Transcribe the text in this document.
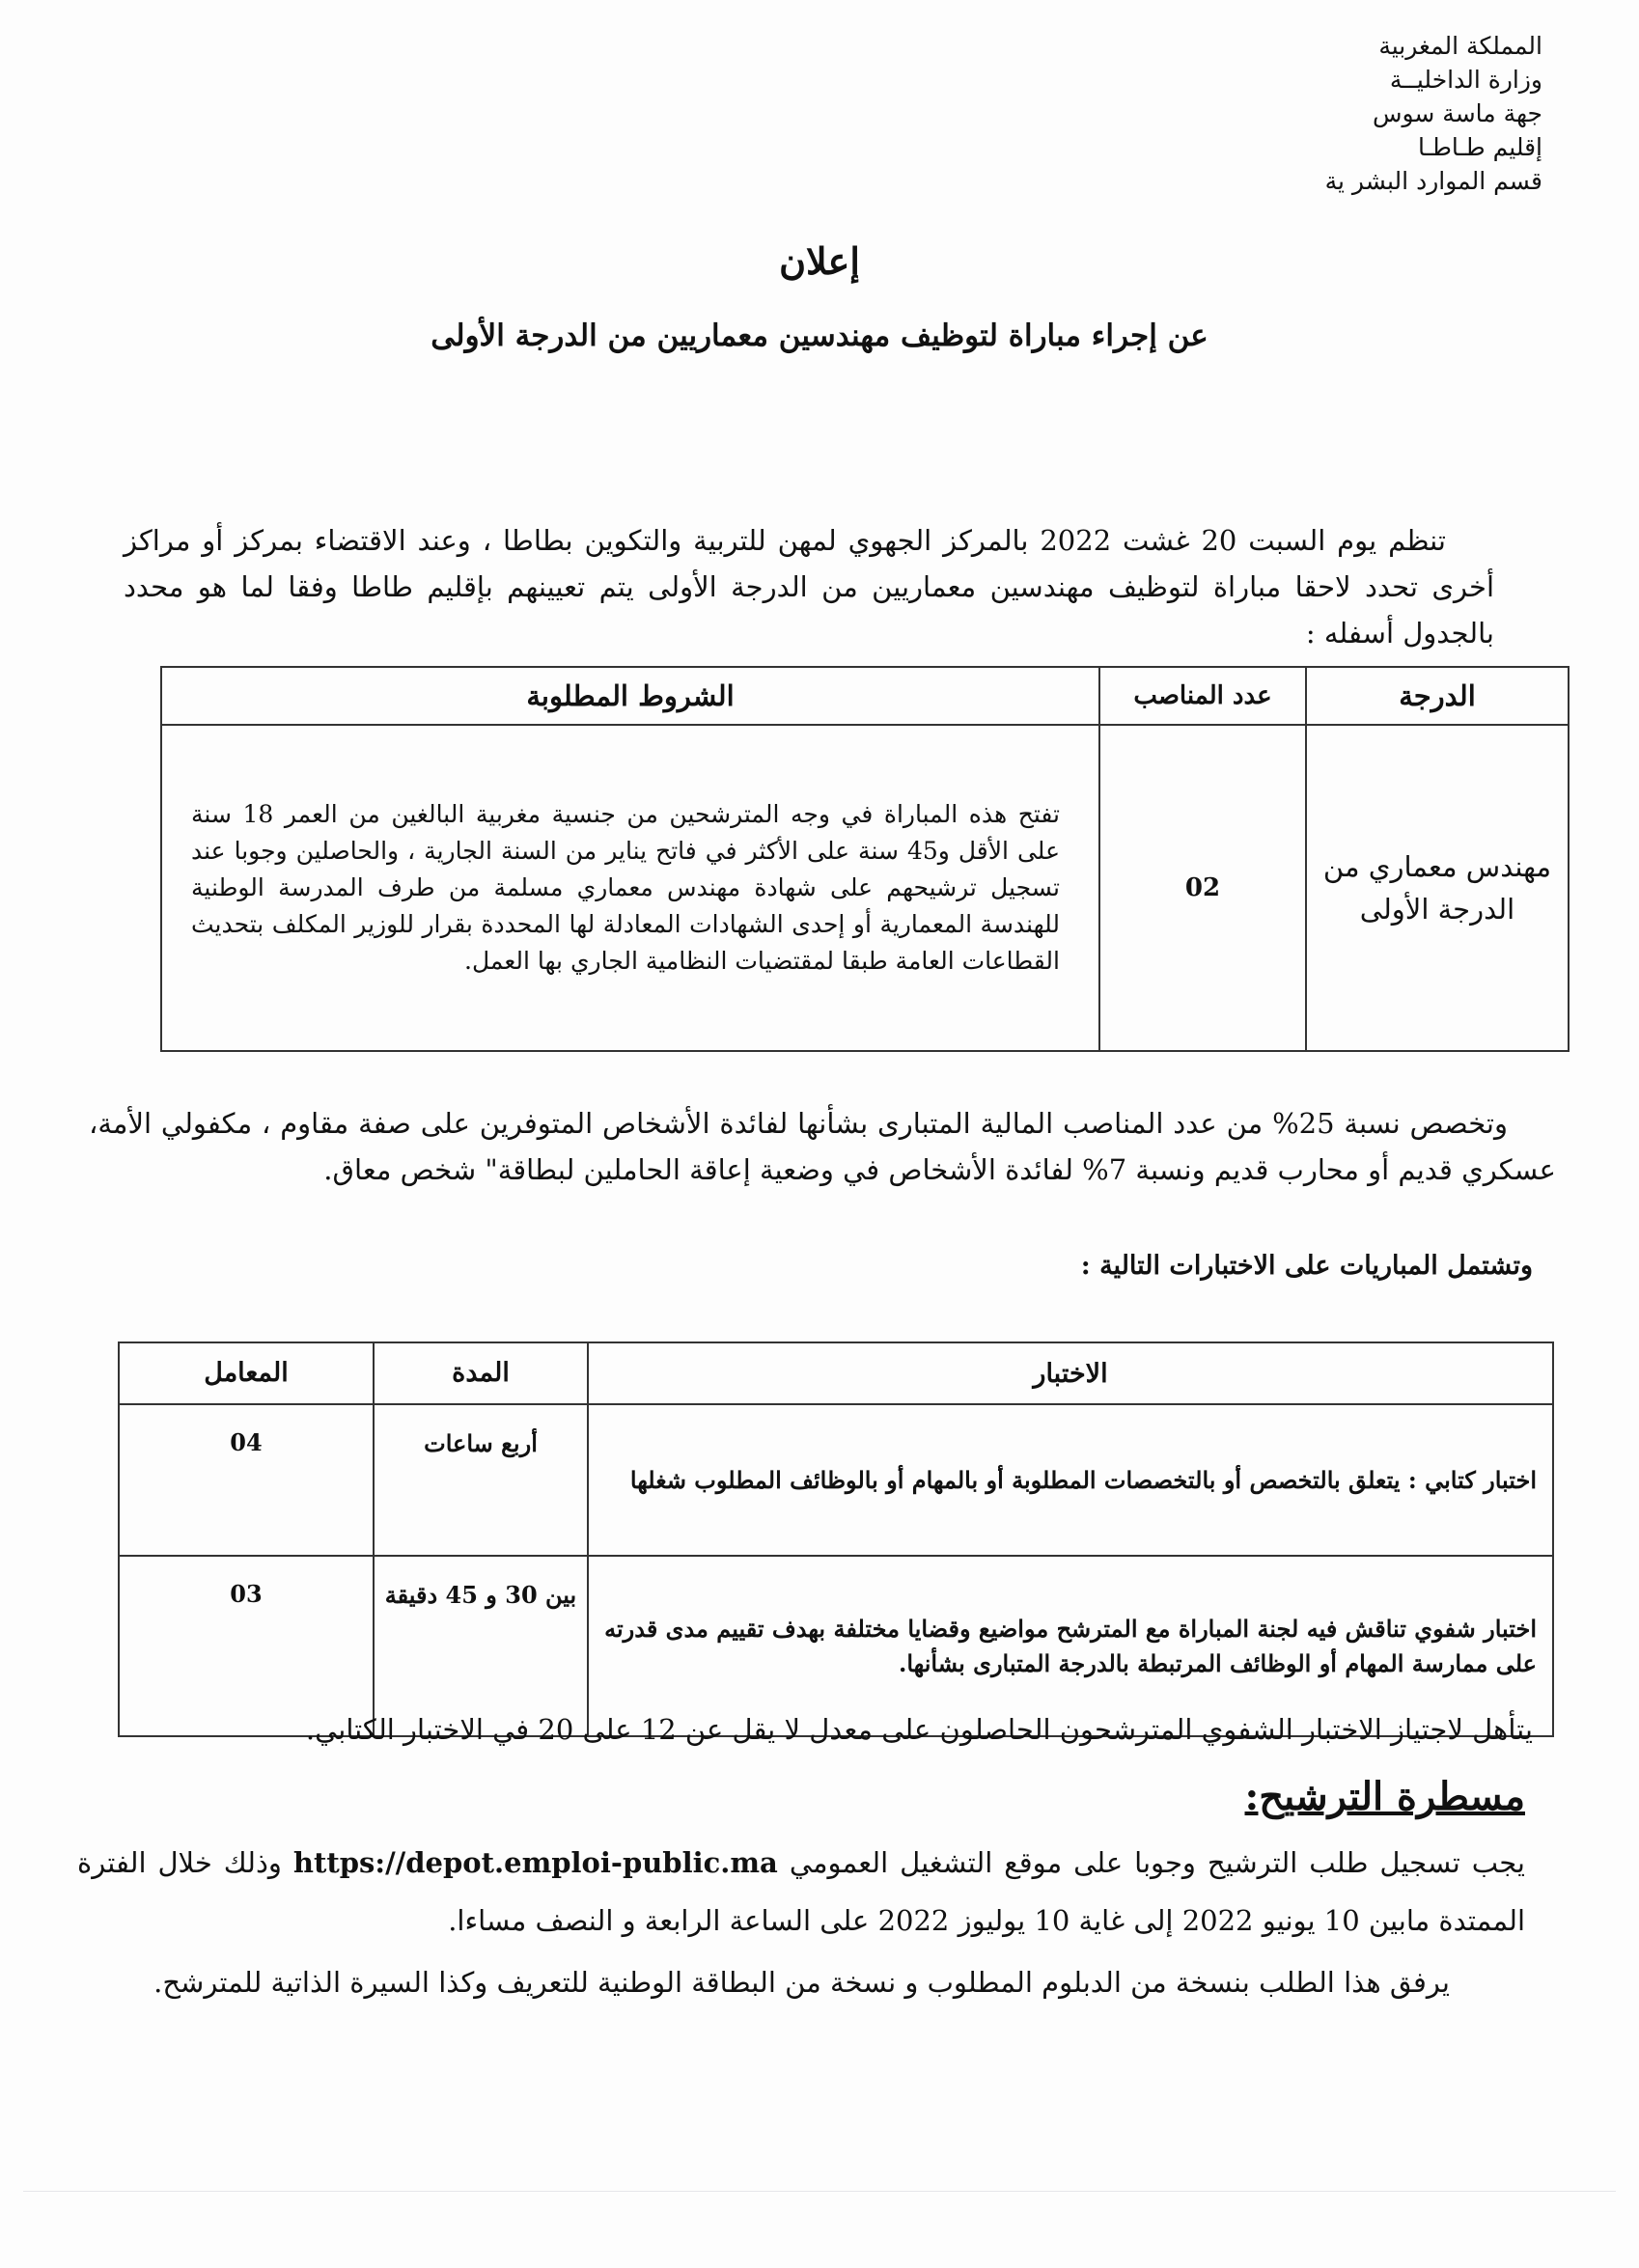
المملكة المغربية
وزارة الداخليــة
جهة ماسة سوس
إقليم طـاطـا
قسم الموارد البشر ية
إعلان
عن إجراء مباراة لتوظيف مهندسين معماريين من الدرجة الأولى
تنظم يوم السبت 20 غشت 2022 بالمركز الجهوي لمهن للتربية والتكوين بطاطا ، وعند الاقتضاء بمركز أو مراكز أخرى تحدد لاحقا مباراة لتوظيف مهندسين معماريين من الدرجة الأولى يتم تعيينهم بإقليم طاطا وفقا لما هو محدد بالجدول أسفله :
الدرجة	عدد المناصب	الشروط المطلوبة
مهندس معماري من الدرجة الأولى	02	تفتح هذه المباراة في وجه المترشحين من جنسية مغربية البالغين من العمر 18 سنة على الأقل و45 سنة على الأكثر في فاتح يناير من السنة الجارية ، والحاصلين وجوبا عند تسجيل ترشيحهم على شهادة مهندس معماري مسلمة من طرف المدرسة الوطنية للهندسة المعمارية أو إحدى الشهادات المعادلة لها المحددة بقرار للوزير المكلف بتحديث القطاعات العامة طبقا لمقتضيات النظامية الجاري بها العمل.
وتخصص نسبة 25% من عدد المناصب المالية المتبارى بشأنها لفائدة الأشخاص المتوفرين على صفة مقاوم ، مكفولي الأمة، عسكري قديم أو محارب قديم ونسبة 7% لفائدة الأشخاص في وضعية إعاقة الحاملين لبطاقة" شخص معاق.
وتشتمل المباريات على الاختبارات التالية :
الاختبار	المدة	المعامل
اختبار كتابي : يتعلق بالتخصص أو بالتخصصات المطلوبة أو بالمهام أو بالوظائف المطلوب شغلها	أربع ساعات	04
اختبار شفوي تناقش فيه لجنة المباراة مع المترشح مواضيع وقضايا مختلفة بهدف تقييم مدى قدرته على ممارسة المهام أو الوظائف المرتبطة بالدرجة المتبارى بشأنها.	بين 30 و 45 دقيقة	03
يتأهل لاجتياز الاختبار الشفوي المترشحون الحاصلون على معدل لا يقل عن 12 على 20 في الاختبار الكتابي.
مسطرة الترشيح:
يجب تسجيل طلب الترشيح وجوبا على موقع التشغيل العمومي https://depot.emploi-public.ma وذلك خلال الفترة الممتدة مابين 10 يونيو 2022 إلى غاية 10 يوليوز 2022 على الساعة الرابعة و النصف مساءا.
يرفق هذا الطلب بنسخة من الدبلوم المطلوب و نسخة من البطاقة الوطنية للتعريف وكذا السيرة الذاتية للمترشح.
